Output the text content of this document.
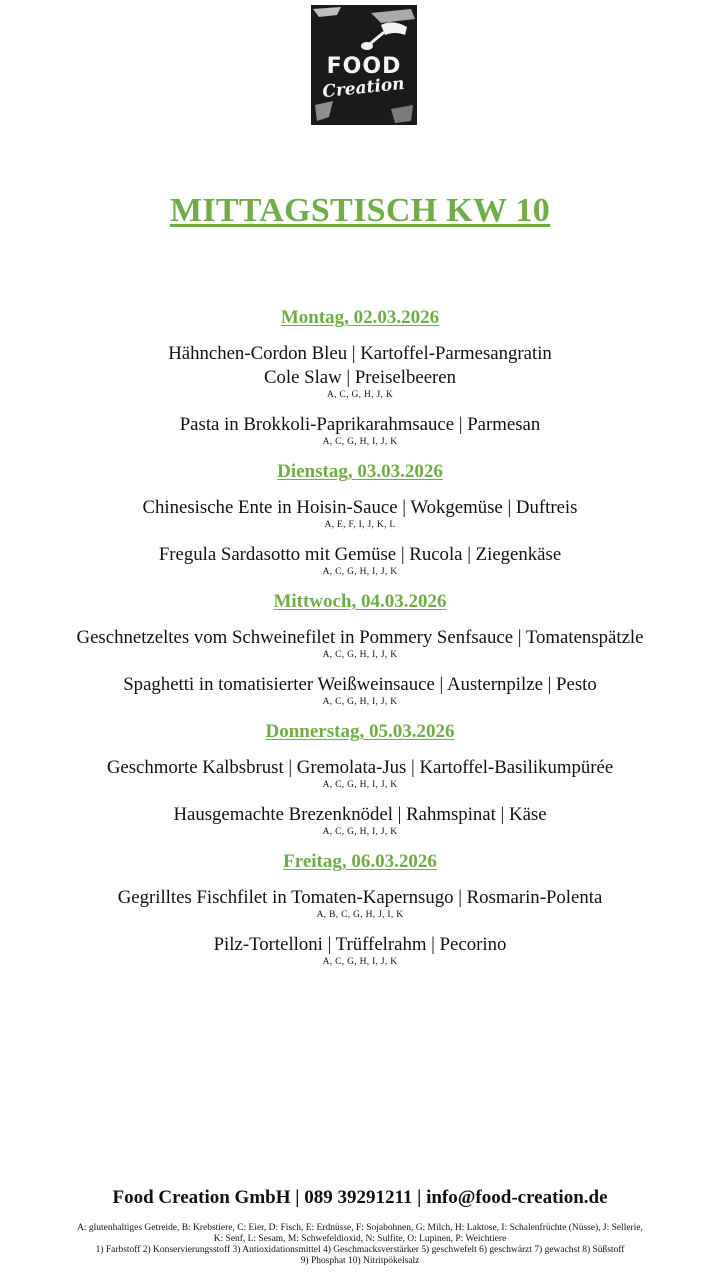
FOOD
Creation
MITTAGSTISCH KW 10
Montag, 02.03.2026
Hähnchen-Cordon Bleu | Kartoffel-Parmesangratin
Cole Slaw | Preiselbeeren
A, C, G, H, J, K
Pasta in Brokkoli-Paprikarahmsauce | Parmesan
A, C, G, H, I, J, K
Dienstag, 03.03.2026
Chinesische Ente in Hoisin-Sauce | Wokgemüse | Duftreis
A, E, F, I, J, K, L
Fregula Sardasotto mit Gemüse | Rucola | Ziegenkäse
A, C, G, H, I, J, K
Mittwoch, 04.03.2026
Geschnetzeltes vom Schweinefilet in Pommery Senfsauce | Tomatenspätzle
A, C, G, H, I, J, K
Spaghetti in tomatisierter Weißweinsauce | Austernpilze | Pesto
A, C, G, H, I, J, K
Donnerstag, 05.03.2026
Geschmorte Kalbsbrust | Gremolata-Jus | Kartoffel-Basilikumpürée
A, C, G, H, I, J, K
Hausgemachte Brezenknödel | Rahmspinat | Käse
A, C, G, H, I, J, K
Freitag, 06.03.2026
Gegrilltes Fischfilet in Tomaten-Kapernsugo | Rosmarin-Polenta
A, B, C, G, H, J, I, K
Pilz-Tortelloni | Trüffelrahm | Pecorino
A, C, G, H, I, J, K
Food Creation GmbH | 089 39291211 | info@food-creation.de
A: glutenhaltiges Getreide, B: Krebstiere, C: Eier, D: Fisch, E: Erdnüsse, F: Sojabohnen, G: Milch, H: Laktose, I: Schalenfrüchte (Nüsse), J: Sellerie,
K: Senf, L: Sesam, M: Schwefeldioxid, N: Sulfite, O: Lupinen, P: Weichtiere
1) Farbstoff 2) Konservierungsstoff 3) Antioxidationsmittel 4) Geschmacksverstärker 5) geschwefelt 6) geschwärzt 7) gewachst 8) Süßstoff
9) Phosphat 10) Nitritpökelsalz
